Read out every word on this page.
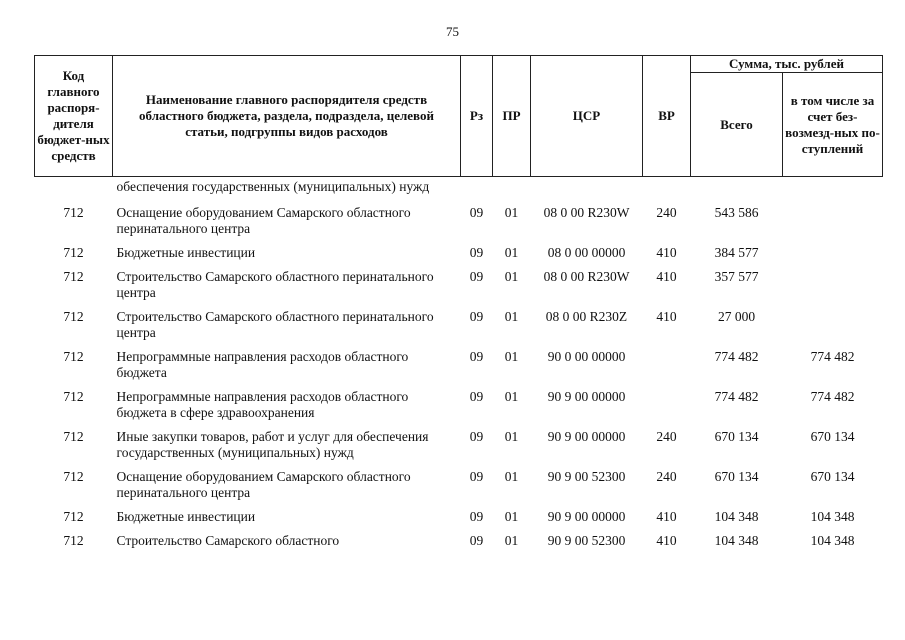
75
Код главного распоря-дителя бюджет-ных средств	Наименование главного распорядителя средств областного бюджета, раздела, подраздела, целевой статьи, подгруппы видов расходов	Рз	ПР	ЦСР	ВР	Сумма, тыс. рублей	
						Всего	в том числе за счет без-возмезд-ных по-ступлений
	обеспечения государственных (муниципальных) нужд						
712	Оснащение оборудованием Самарского областного перинатального центра	09	01	08 0 00 R230W	240	543 586	
712	Бюджетные инвестиции	09	01	08 0 00 00000	410	384 577	
712	Строительство Самарского областного перинатального центра	09	01	08 0 00 R230W	410	357 577	
712	Строительство Самарского областного перинатального центра	09	01	08 0 00 R230Z	410	27 000	
712	Непрограммные направления расходов областного бюджета	09	01	90 0 00 00000		774 482	774 482
712	Непрограммные направления расходов областного бюджета в сфере здравоохранения	09	01	90 9 00 00000		774 482	774 482
712	Иные закупки товаров, работ и услуг для обеспечения государственных (муниципальных) нужд	09	01	90 9 00 00000	240	670 134	670 134
712	Оснащение оборудованием Самарского областного перинатального центра	09	01	90 9 00 52300	240	670 134	670 134
712	Бюджетные инвестиции	09	01	90 9 00 00000	410	104 348	104 348
712	Строительство Самарского областного	09	01	90 9 00 52300	410	104 348	104 348
